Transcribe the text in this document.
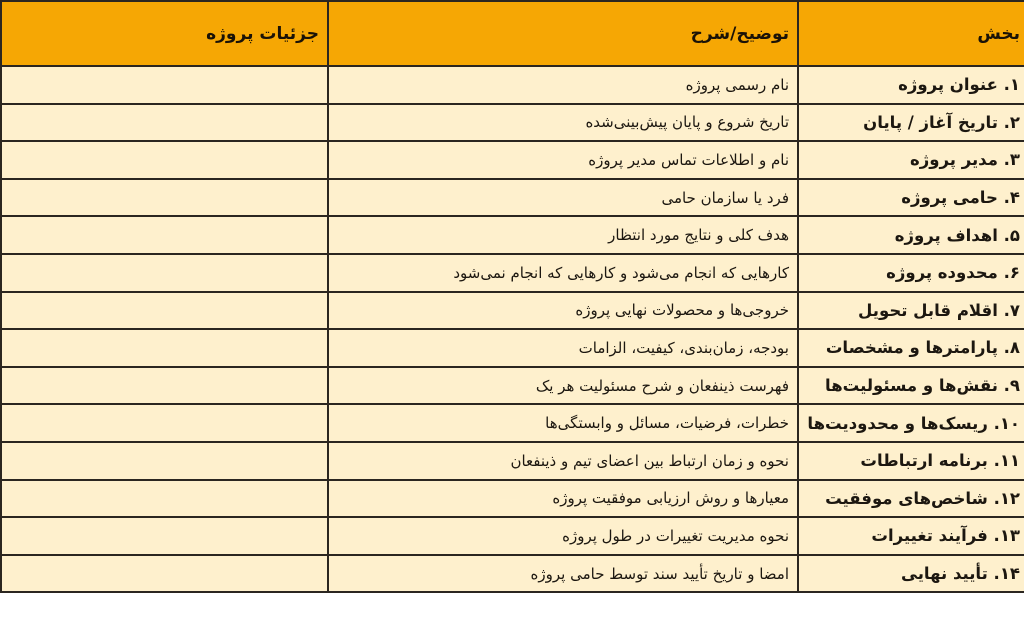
بخش	توضیح/شرح	جزئیات پروژه
۱. عنوان پروژه	نام رسمی پروژه	
۲. تاریخ آغاز / پایان	تاریخ شروع و پایان پیش‌بینی‌شده	
۳. مدیر پروژه	نام و اطلاعات تماس مدیر پروژه	
۴. حامی پروژه	فرد یا سازمان حامی	
۵. اهداف پروژه	هدف کلی و نتایج مورد انتظار	
۶. محدوده پروژه	کارهایی که انجام می‌شود و کارهایی که انجام نمی‌شود	
۷. اقلام قابل تحویل	خروجی‌ها و محصولات نهایی پروژه	
۸. پارامترها و مشخصات	بودجه، زمان‌بندی، کیفیت، الزامات	
۹. نقش‌ها و مسئولیت‌ها	فهرست ذینفعان و شرح مسئولیت هر یک	
۱۰. ریسک‌ها و محدودیت‌ها	خطرات، فرضیات، مسائل و وابستگی‌ها	
۱۱. برنامه ارتباطات	نحوه و زمان ارتباط بین اعضای تیم و ذینفعان	
۱۲. شاخص‌های موفقیت	معیارها و روش ارزیابی موفقیت پروژه	
۱۳. فرآیند تغییرات	نحوه مدیریت تغییرات در طول پروژه	
۱۴. تأیید نهایی	امضا و تاریخ تأیید سند توسط حامی پروژه	
